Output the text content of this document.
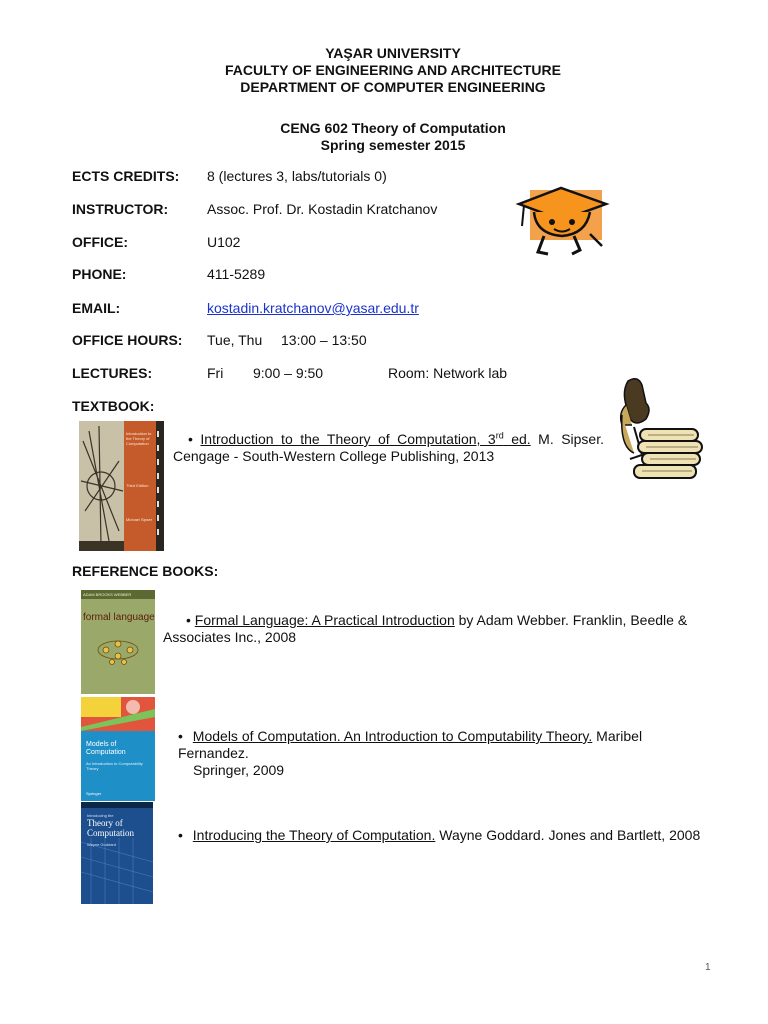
YAŞAR UNIVERSITY
FACULTY OF ENGINEERING AND ARCHITECTURE
DEPARTMENT OF COMPUTER ENGINEERING
CENG 602 Theory of Computation
Spring semester 2015
ECTS CREDITS: 8 (lectures 3, labs/tutorials 0)
INSTRUCTOR:	Assoc. Prof. Dr. Kostadin Kratchanov
OFFICE:	U102
PHONE:	411-5289
EMAIL:	kostadin.kratchanov@yasar.edu.tr
OFFICE HOURS: Tue, Thu 13:00 – 13:50
LECTURES:	Fri 9:00 – 9:50	Room: Network lab
TEXTBOOK:
Introduction to the Theory of Computation
Third Edition
Michael Sipser
• Introduction to the Theory of Computation, 3rd ed. M. Sipser.
Cengage - South-Western College Publishing, 2013
REFERENCE BOOKS:
ADAM BROOKS WEBBER
formal language	• Formal Language: A Practical Introduction by Adam Webber. Franklin, Beedle &
Associates Inc., 2008
Models of Computation
An Introduction to Computability Theory
Springer
• Models of Computation. An Introduction to Computability Theory. Maribel Fernandez.
Springer, 2009
Introducing the
Theory of Computation
Wayne Goddard
• Introducing the Theory of Computation. Wayne Goddard. Jones and Bartlett, 2008
1
